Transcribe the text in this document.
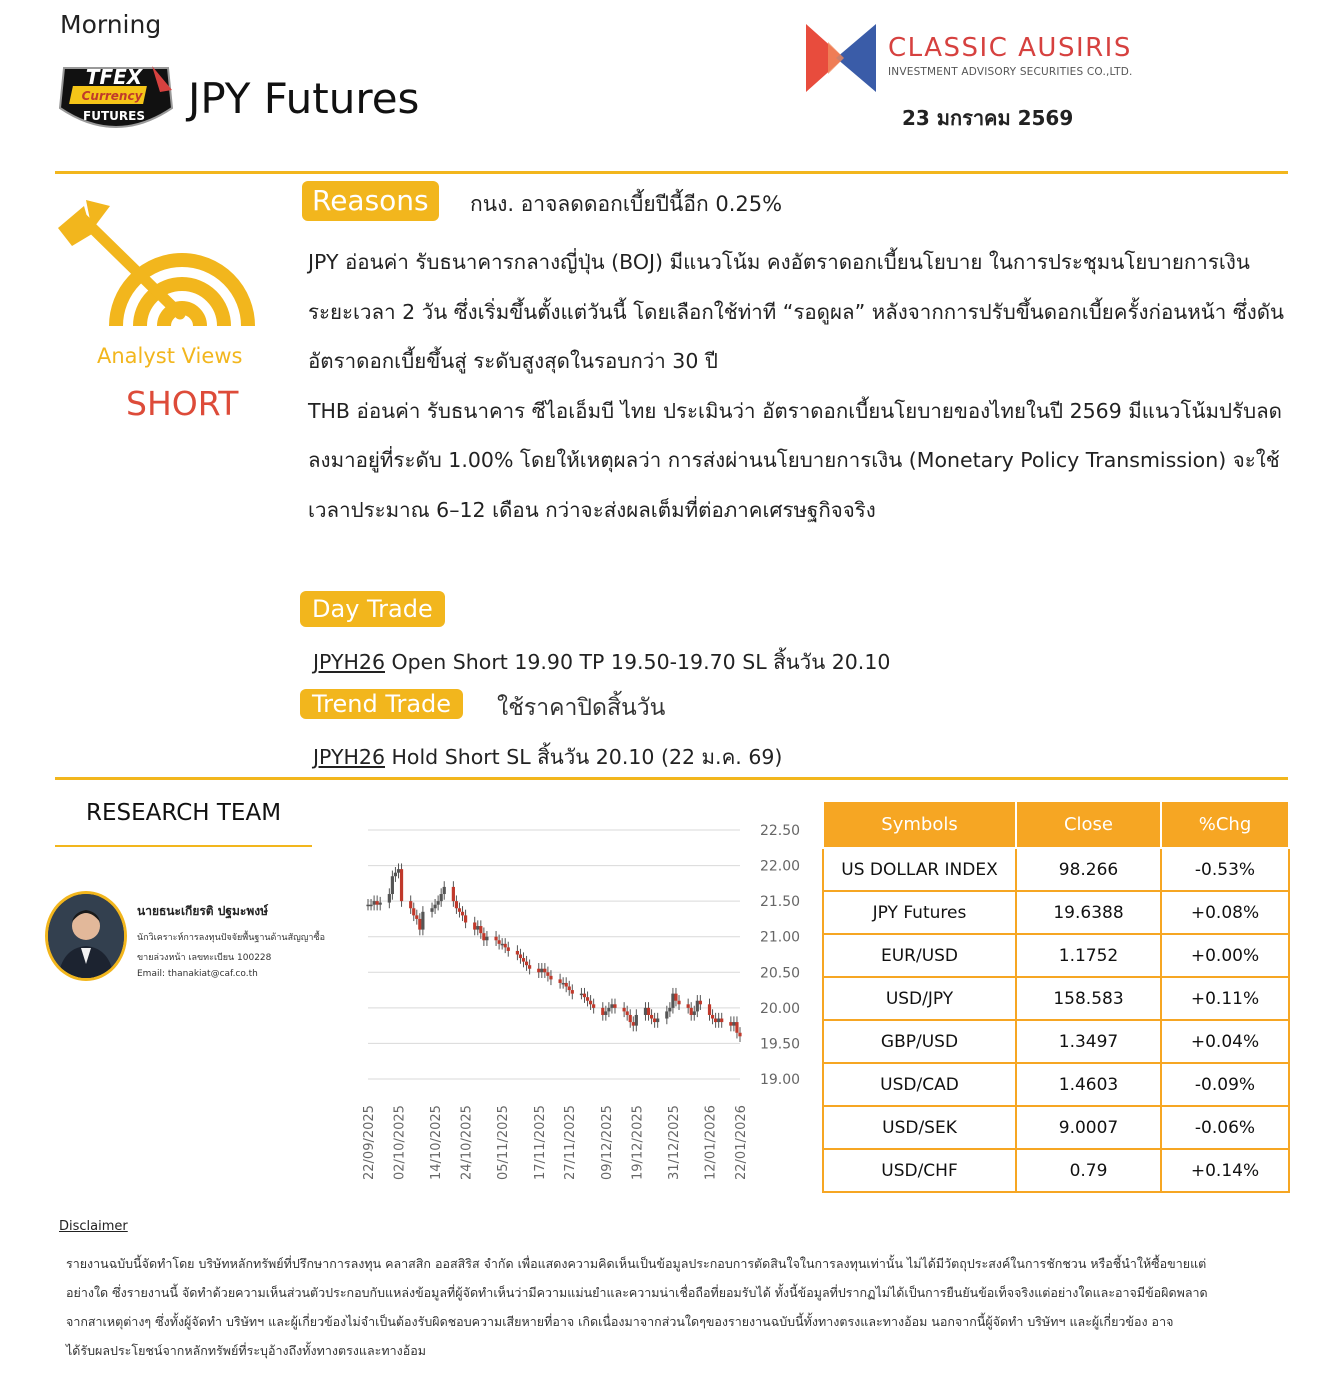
Morning
TFEX
Currency
FUTURES JPY Futures
CLASSIC AUSIRIS
INVESTMENT ADVISORY SECURITIES CO.,LTD.
23 มกราคม 2569
Analyst Views
SHORT
Reasons	กนง. อาจลดดอกเบี้ยปีนี้อีก 0.25%

JPY อ่อนค่า รับธนาคารกลางญี่ปุ่น (BOJ) มีแนวโน้ม คงอัตราดอกเบี้ยนโยบาย ในการประชุมนโยบายการเงินระยะเวลา 2 วัน ซึ่งเริ่มขึ้นตั้งแต่วันนี้ โดยเลือกใช้ท่าที “รอดูผล” หลังจากการปรับขึ้นดอกเบี้ยครั้งก่อนหน้า ซึ่งดันอัตราดอกเบี้ยขึ้นสู่ ระดับสูงสุดในรอบกว่า 30 ปี

THB อ่อนค่า รับธนาคาร ซีไอเอ็มบี ไทย ประเมินว่า อัตราดอกเบี้ยนโยบายของไทยในปี 2569 มีแนวโน้มปรับลดลงมาอยู่ที่ระดับ 1.00% โดยให้เหตุผลว่า การส่งผ่านนโยบายการเงิน (Monetary Policy Transmission) จะใช้เวลาประมาณ 6–12 เดือน กว่าจะส่งผลเต็มที่ต่อภาคเศรษฐกิจจริง

Day Trade
JPYH26 Open Short 19.90 TP 19.50-19.70 SL สิ้นวัน 20.10
Trend Trade	ใช้ราคาปิดสิ้นวัน
JPYH26 Hold Short SL สิ้นวัน 20.10 (22 ม.ค. 69)
RESEARCH TEAM
นายธนะเกียรติ ปฐมะพงษ์
นักวิเคราะห์การลงทุนปัจจัยพื้นฐานด้านสัญญาซื้อ
ขายล่วงหน้า เลขทะเบียน 100228
Email: thanakiat@caf.co.th
22.50
22.00
21.50
21.00
20.50
20.00
19.50
19.00
22/09/2025 02/10/2025 14/10/2025 24/10/2025 05/11/2025 17/11/2025 27/11/2025 09/12/2025 19/12/2025 31/12/2025 12/01/2026 22/01/2026
Symbols	Close	%Chg
US DOLLAR INDEX	98.266	-0.53%
JPY Futures	19.6388	+0.08%
EUR/USD	1.1752	+0.00%
USD/JPY	158.583	+0.11%
GBP/USD	1.3497	+0.04%
USD/CAD	1.4603	-0.09%
USD/SEK	9.0007	-0.06%
USD/CHF	0.79	+0.14%
Disclaimer

รายงานฉบับนี้จัดทำโดย บริษัทหลักทรัพย์ที่ปรึกษาการลงทุน คลาสสิก ออสสิริส จำกัด เพื่อแสดงความคิดเห็นเป็นข้อมูลประกอบการตัดสินใจในการลงทุนเท่านั้น ไม่ได้มีวัตถุประสงค์ในการชักชวน หรือชี้นำให้ซื้อขายแต่

อย่างใด ซึ่งรายงานนี้ จัดทำด้วยความเห็นส่วนตัวประกอบกับแหล่งข้อมูลที่ผู้จัดทำเห็นว่ามีความแม่นยำและความน่าเชื่อถือที่ยอมรับได้ ทั้งนี้ข้อมูลที่ปรากฏไม่ได้เป็นการยืนยันข้อเท็จจริงแต่อย่างใดและอาจมีข้อผิดพลาด

จากสาเหตุต่างๆ ซึ่งทั้งผู้จัดทำ บริษัทฯ และผู้เกี่ยวข้องไม่จำเป็นต้องรับผิดชอบความเสียหายที่อาจ เกิดเนื่องมาจากส่วนใดๆของรายงานฉบับนี้ทั้งทางตรงและทางอ้อม นอกจากนี้ผู้จัดทำ บริษัทฯ และผู้เกี่ยวข้อง อาจ

ได้รับผลประโยชน์จากหลักทรัพย์ที่ระบุอ้างถึงทั้งทางตรงและทางอ้อม
